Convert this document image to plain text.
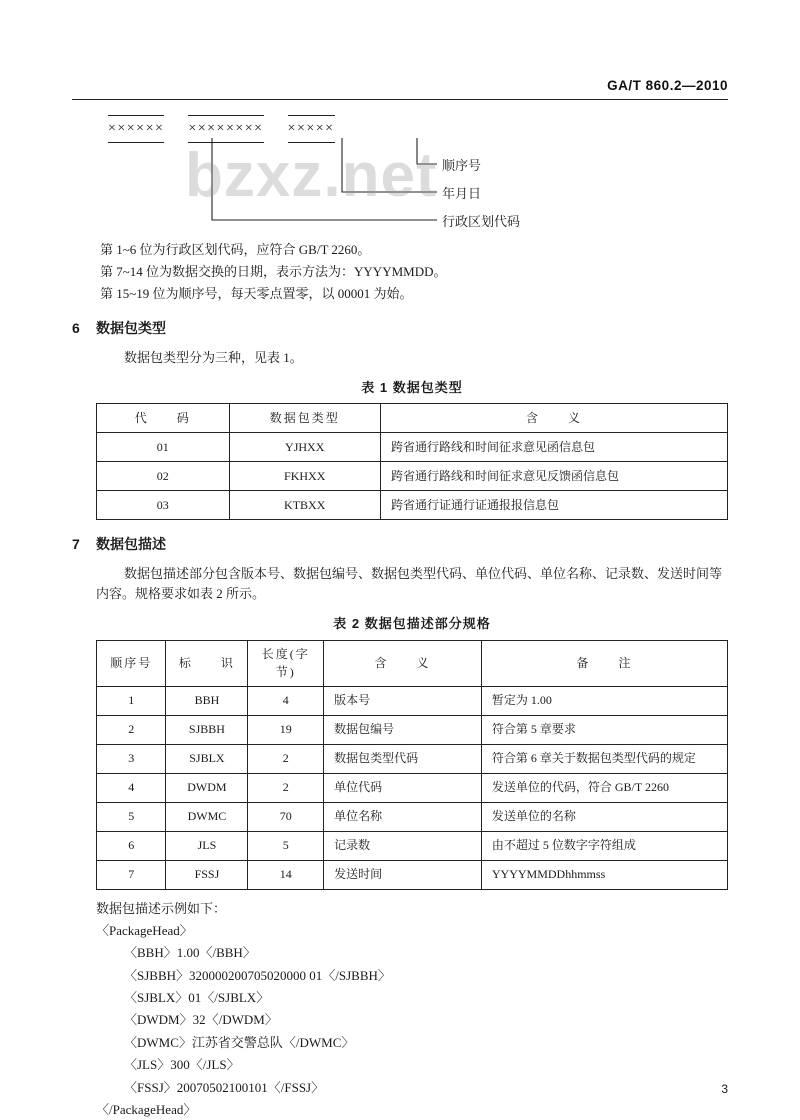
bzxz.net
GA/T 860.2—2010
×××××× ×××××××× ×××××
顺序号
年月日
行政区划代码

第 1~6 位为行政区划代码，应符合 GB/T 2260。

第 7~14 位为数据交换的日期，表示方法为：YYYYMMDD。

第 15~19 位为顺序号，每天零点置零，以 00001 为始。

6 数据包类型

数据包类型分为三种，见表 1。

表 1 数据包类型
代　　码	数据包类型	含　　义
01	YJHXX	跨省通行路线和时间征求意见函信息包
02	FKHXX	跨省通行路线和时间征求意见反馈函信息包
03	KTBXX	跨省通行证通行证通报报信息包
7 数据包描述

数据包描述部分包含版本号、数据包编号、数据包类型代码、单位代码、单位名称、记录数、发送时间等内容。规格要求如表 2 所示。

表 2 数据包描述部分规格
顺序号	标　　识	长度(字节)	含　　义	备　　注
1	BBH	4	版本号	暂定为 1.00
2	SJBBH	19	数据包编号	符合第 5 章要求
3	SJBLX	2	数据包类型代码	符合第 6 章关于数据包类型代码的规定
4	DWDM	2	单位代码	发送单位的代码，符合 GB/T 2260
5	DWMC	70	单位名称	发送单位的名称
6	JLS	5	记录数	由不超过 5 位数字字符组成
7	FSSJ	14	发送时间	YYYYMMDDhhmmss
数据包描述示例如下：
〈PackageHead〉
〈BBH〉1.00〈/BBH〉
〈SJBBH〉320000200705020000 01〈/SJBBH〉
〈SJBLX〉01〈/SJBLX〉
〈DWDM〉32〈/DWDM〉
〈DWMC〉江苏省交警总队〈/DWMC〉
〈JLS〉300〈/JLS〉
〈FSSJ〉20070502100101〈/FSSJ〉
〈/PackageHead〉
3
